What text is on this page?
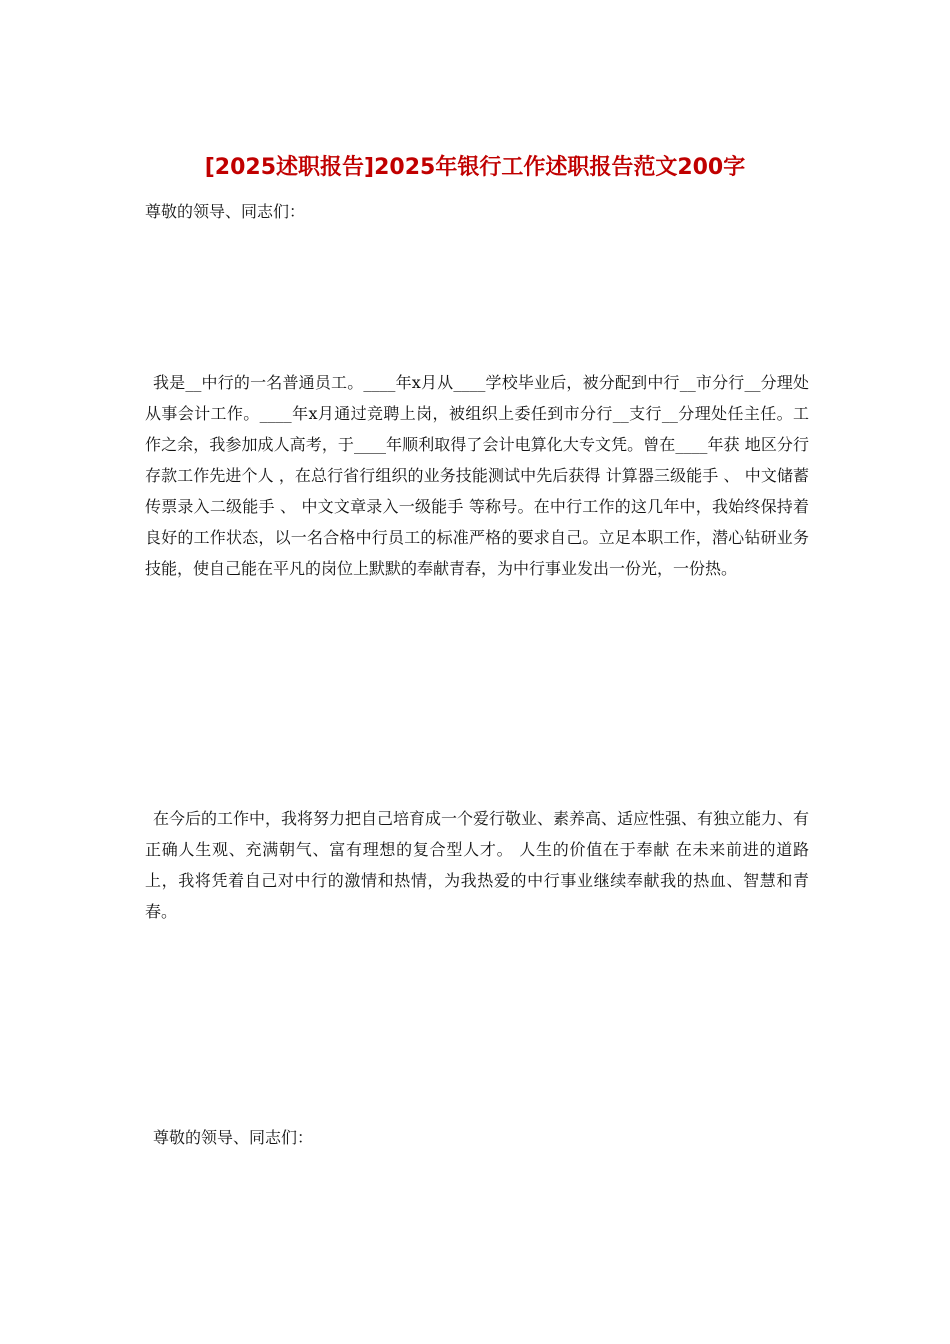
[2025述职报告]2025年银行工作述职报告范文200字
尊敬的领导、同志们：
我是__中行的一名普通员工。____年x月从____学校毕业后，被分配到中行__市分行__分理处从事会计工作。____年x月通过竞聘上岗，被组织上委任到市分行__支行__分理处任主任。工作之余，我参加成人高考，于____年顺利取得了会计电算化大专文凭。曾在____年获 地区分行存款工作先进个人 ，在总行省行组织的业务技能测试中先后获得 计算器三级能手 、 中文储蓄传票录入二级能手 、 中文文章录入一级能手 等称号。在中行工作的这几年中，我始终保持着良好的工作状态，以一名合格中行员工的标准严格的要求自己。立足本职工作，潜心钻研业务技能，使自己能在平凡的岗位上默默的奉献青春，为中行事业发出一份光，一份热。
在今后的工作中，我将努力把自己培育成一个爱行敬业、素养高、适应性强、有独立能力、有正确人生观、充满朝气、富有理想的复合型人才。 人生的价值在于奉献 在未来前进的道路上，我将凭着自己对中行的激情和热情，为我热爱的中行事业继续奉献我的热血、智慧和青春。
尊敬的领导、同志们：
